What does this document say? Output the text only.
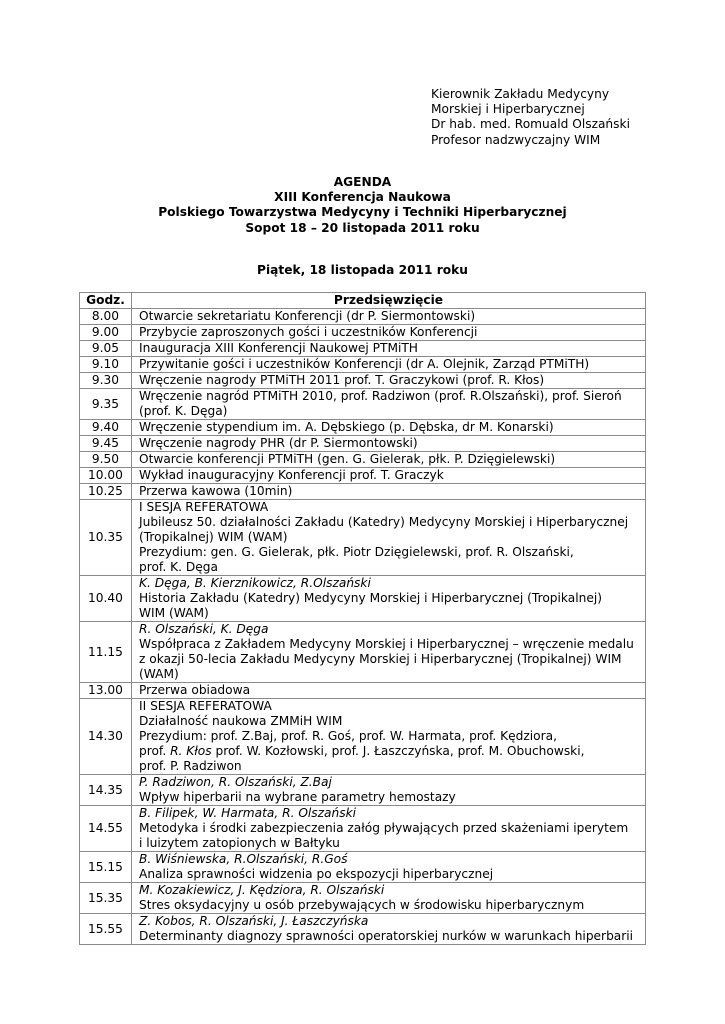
Kierownik Zakładu Medycyny
Morskiej i Hiperbarycznej
Dr hab. med. Romuald Olszański
Profesor nadzwyczajny WIM
AGENDA
XIII Konferencja Naukowa
Polskiego Towarzystwa Medycyny i Techniki Hiperbarycznej
Sopot 18 – 20 listopada 2011 roku
Piątek, 18 listopada 2011 roku
Godz.	Przedsięwzięcie
8.00	Otwarcie sekretariatu Konferencji (dr P. Siermontowski)

9.00	Przybycie zaproszonych gości i uczestników Konferencji

9.05	Inauguracja XIII Konferencji Naukowej PTMiTH

9.10	Przywitanie gości i uczestników Konferencji (dr A. Olejnik, Zarząd PTMiTH)

9.30	Wręczenie nagrody PTMiTH 2011 prof. T. Graczykowi (prof. R. Kłos)

9.35	Wręczenie nagród PTMiTH 2010, prof. Radziwon (prof. R.Olszański), prof. Sieroń
(prof. K. Dęga)

9.40	Wręczenie stypendium im. A. Dębskiego (p. Dębska, dr M. Konarski)

9.45	Wręczenie nagrody PHR (dr P. Siermontowski)

9.50	Otwarcie konferencji PTMiTH (gen. G. Gielerak, płk. P. Dzięgielewski)

10.00	Wykład inauguracyjny Konferencji prof. T. Graczyk

10.25	Przerwa kawowa (10min)

10.35	I SESJA REFERATOWA
Jubileusz 50. działalności Zakładu (Katedry) Medycyny Morskiej i Hiperbarycznej
(Tropikalnej) WIM (WAM)
Prezydium: gen. G. Gielerak, płk. Piotr Dzięgielewski, prof. R. Olszański,
prof. K. Dęga

10.40	K. Dęga, B. Kierznikowicz, R.Olszański
Historia Zakładu (Katedry) Medycyny Morskiej i Hiperbarycznej (Tropikalnej)
WIM (WAM)

11.15	R. Olszański, K. Dęga
Współpraca z Zakładem Medycyny Morskiej i Hiperbarycznej – wręczenie medalu
z okazji 50-lecia Zakładu Medycyny Morskiej i Hiperbarycznej (Tropikalnej) WIM
(WAM)

13.00	Przerwa obiadowa

14.30	II SESJA REFERATOWA
Działalność naukowa ZMMiH WIM
Prezydium: prof. Z.Baj, prof. R. Goś, prof. W. Harmata, prof. Kędziora,
prof. R. Kłos prof. W. Kozłowski, prof. J. Łaszczyńska, prof. M. Obuchowski,
prof. P. Radziwon

14.35	P. Radziwon, R. Olszański, Z.Baj
Wpływ hiperbarii na wybrane parametry hemostazy

14.55	B. Filipek, W. Harmata, R. Olszański
Metodyka i środki zabezpieczenia załóg pływających przed skażeniami iperytem
i luizytem zatopionych w Bałtyku

15.15	B. Wiśniewska, R.Olszański, R.Goś
Analiza sprawności widzenia po ekspozycji hiperbarycznej

15.35	M. Kozakiewicz, J. Kędziora, R. Olszański
Stres oksydacyjny u osób przebywających w środowisku hiperbarycznym

15.55	Z. Kobos, R. Olszański, J. Łaszczyńska
Determinanty diagnozy sprawności operatorskiej nurków w warunkach hiperbarii
